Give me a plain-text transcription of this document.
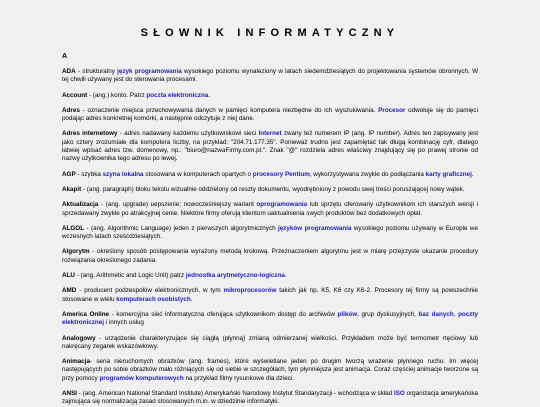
SŁOWNIK INFORMATYCZNY
A

ADA - strukturalny język programowania wysokiego poziomu wynaleziony w latach siedemdziesiątych do projektowania systemów obronnych. W tej chwili używany jest do sterowania procesami.

Account - (ang.) konto. Patrz poczta elektroniczna.

Adres - oznaczenie miejsca przechowywania danych w pamięci komputera niezbędne do ich wyszukiwania. Procesor odwołuje się do pamięci podając adres konkretnej komórki, a następnie odczytuje z niej dane.

Adres internetowy - adres nadawany każdemu użytkownikowi sieci Internet zwany też numerem IP (ang. IP number). Adres ten zapisywany jest jako cztery zrozumiałe dla komputera liczby, na przykład: "204.71.177.35". Ponieważ trudno jest zapamiętać tak długą kombinację cyfr, dlatego łatwiej wpisać adres tzw. domenowy, np.: "biuro@nazwaFirmy.com.pl.". Znak "@" rozdziela adres właściwy znajdujący się po prawej stronie od nazwy użytkownika tego adresu po lewej.

AGP - szybka szyna lokalna stosowana w komputerach opartych o procesory Pentium, wykorzystywana zwykle do podłączania karty graficznej.

Akapit - (ang. paragraph) bloku tekstu wizualnie oddzielony od reszty dokumentu, wyodrębniony z powodu swej treści poruszającej nowy wątek.

Aktualizacja - (ang. upgrade) uepszenie; nowocześniejszy wariant oprogramowania lub sprzętu oferowany użytkownikom ich starszych wersji i sprzedawany zwykle po atrakcyjnej cenie. Niektóre firmy oferują klientom uaktualnienia swych produktów bez dodatkowych opłat.

ALGOL - (ang. Algorithmic Language) jeden z pierwszych algorytmicznych języków programowania wysokiego poziomu używany w Europie we wczesnych latach sześćdziesiątych.

Algorytm - określony sposób postępowania wyrażony metodą krokową. Przeznaczeniem algorytmu jest w miarę przejrzyste ukazanie procedury rozwiązania określonego zadania.

ALU - (ang. Arithmetic and Logic Unit) patrz jednostka arytmetyczno-logiczna.

AMD - producent podzespołów elektronicznych, w tym mikroprocesorów takich jak np. K5, K6 czy K6-2. Procesory tej firmy są powszechnie stosowane w wielu komputerach osobistych.

America Online - komercyjna sieć informatyczna oferująca użytkownikom dostęp do archiwów plików, grup dyskusyjnych, baz danych, poczty elektronicznej i innych usług

Analogowy - urządzenie charakteryzujące się ciągłą (płynną) zmianą odmierzanej wielkości. Przykładem może być termometr rtęciowy lub nakręcany zegarek wskazówkowy.

Animacja- seria nieruchomych obrazków (ang. frames), które wyświetlane jeden po drugim tworzą wrażenie płynnego ruchu. Im więcej następujących po sobie obrazków mało różniących się od siebie w szczegółach, tym płynniejsza jest animacja. Coraz częściej animacje tworzone są przy pomocy programów komputerowych na przykład filmy rysunkowe dla dzieci.

ANSI - (ang. American National Standard Institute) Amerykański Narodowy Instytut Standaryzacji - wchodząca w skład ISO organizacja amerykańska zajmująca się normalizacją zasad stosowanych m.in. w dziedzinie informatyki.
